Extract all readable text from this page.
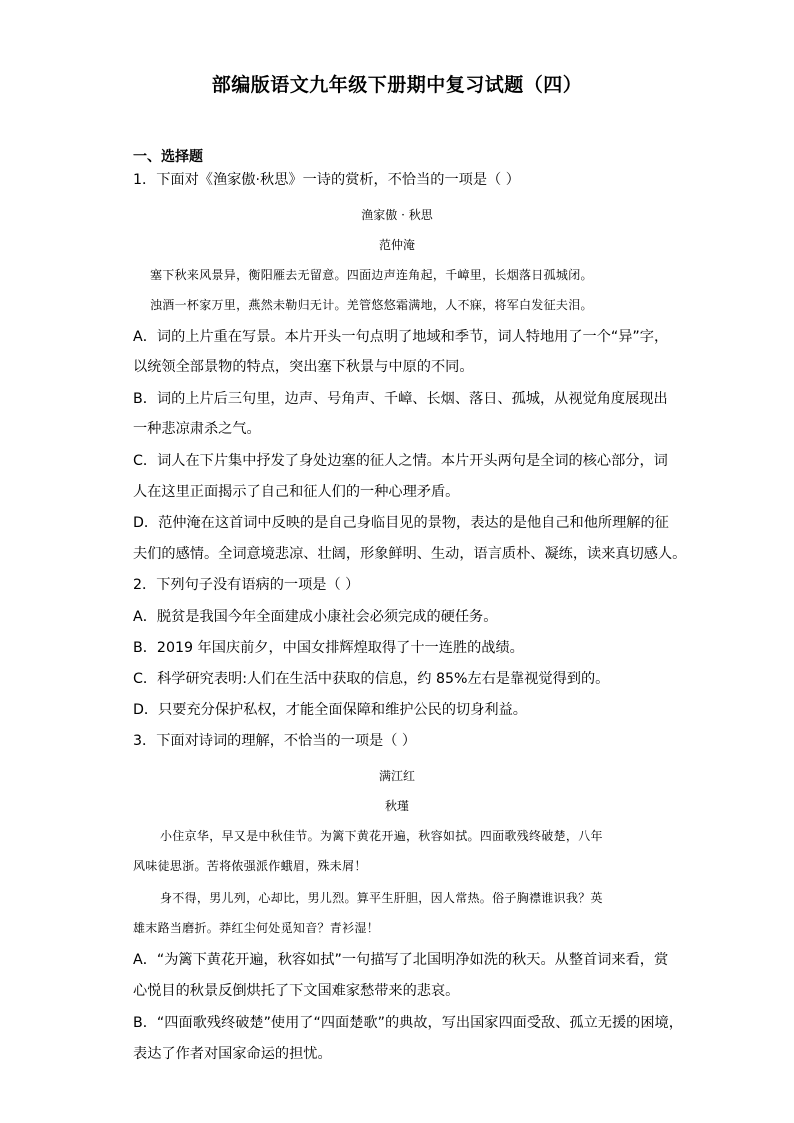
部编版语文九年级下册期中复习试题（四）
一、选择题
1．下面对《渔家傲·秋思》一诗的赏析，不恰当的一项是（ ）
渔家傲 · 秋思
范仲淹
塞下秋来风景异，衡阳雁去无留意。四面边声连角起，千嶂里，长烟落日孤城闭。
浊酒一杯家万里，燕然未勒归无计。羌管悠悠霜满地，人不寐，将军白发征夫泪。
A．词的上片重在写景。本片开头一句点明了地域和季节，词人特地用了一个“异”字，
以统领全部景物的特点，突出塞下秋景与中原的不同。
B．词的上片后三句里，边声、号角声、千嶂、长烟、落日、孤城，从视觉角度展现出
一种悲凉肃杀之气。
C．词人在下片集中抒发了身处边塞的征人之情。本片开头两句是全词的核心部分，词
人在这里正面揭示了自己和征人们的一种心理矛盾。
D．范仲淹在这首词中反映的是自己身临目见的景物，表达的是他自己和他所理解的征
夫们的感情。全词意境悲凉、壮阔，形象鲜明、生动，语言质朴、凝练，读来真切感人。
2．下列句子没有语病的一项是（ ）
A．脱贫是我国今年全面建成小康社会必须完成的硬任务。
B．2019 年国庆前夕，中国女排辉煌取得了十一连胜的战绩。
C．科学研究表明:人们在生活中获取的信息，约 85%左右是靠视觉得到的。
D．只要充分保护私权，才能全面保障和维护公民的切身利益。
3．下面对诗词的理解，不恰当的一项是（ ）
满江红
秋瑾
小住京华，早又是中秋佳节。为篱下黄花开遍，秋容如拭。四面歌残终破楚，八年
风味徒思浙。苦将侬强派作蛾眉，殊未屑！
身不得，男儿列，心却比，男儿烈。算平生肝胆，因人常热。俗子胸襟谁识我？英
雄末路当磨折。莽红尘何处觅知音？青衫湿！
A．“为篱下黄花开遍，秋容如拭”一句描写了北国明净如洗的秋天。从整首词来看，赏
心悦目的秋景反倒烘托了下文国难家愁带来的悲哀。
B．“四面歌残终破楚”使用了“四面楚歌”的典故，写出国家四面受敌、孤立无援的困境，
表达了作者对国家命运的担忧。
